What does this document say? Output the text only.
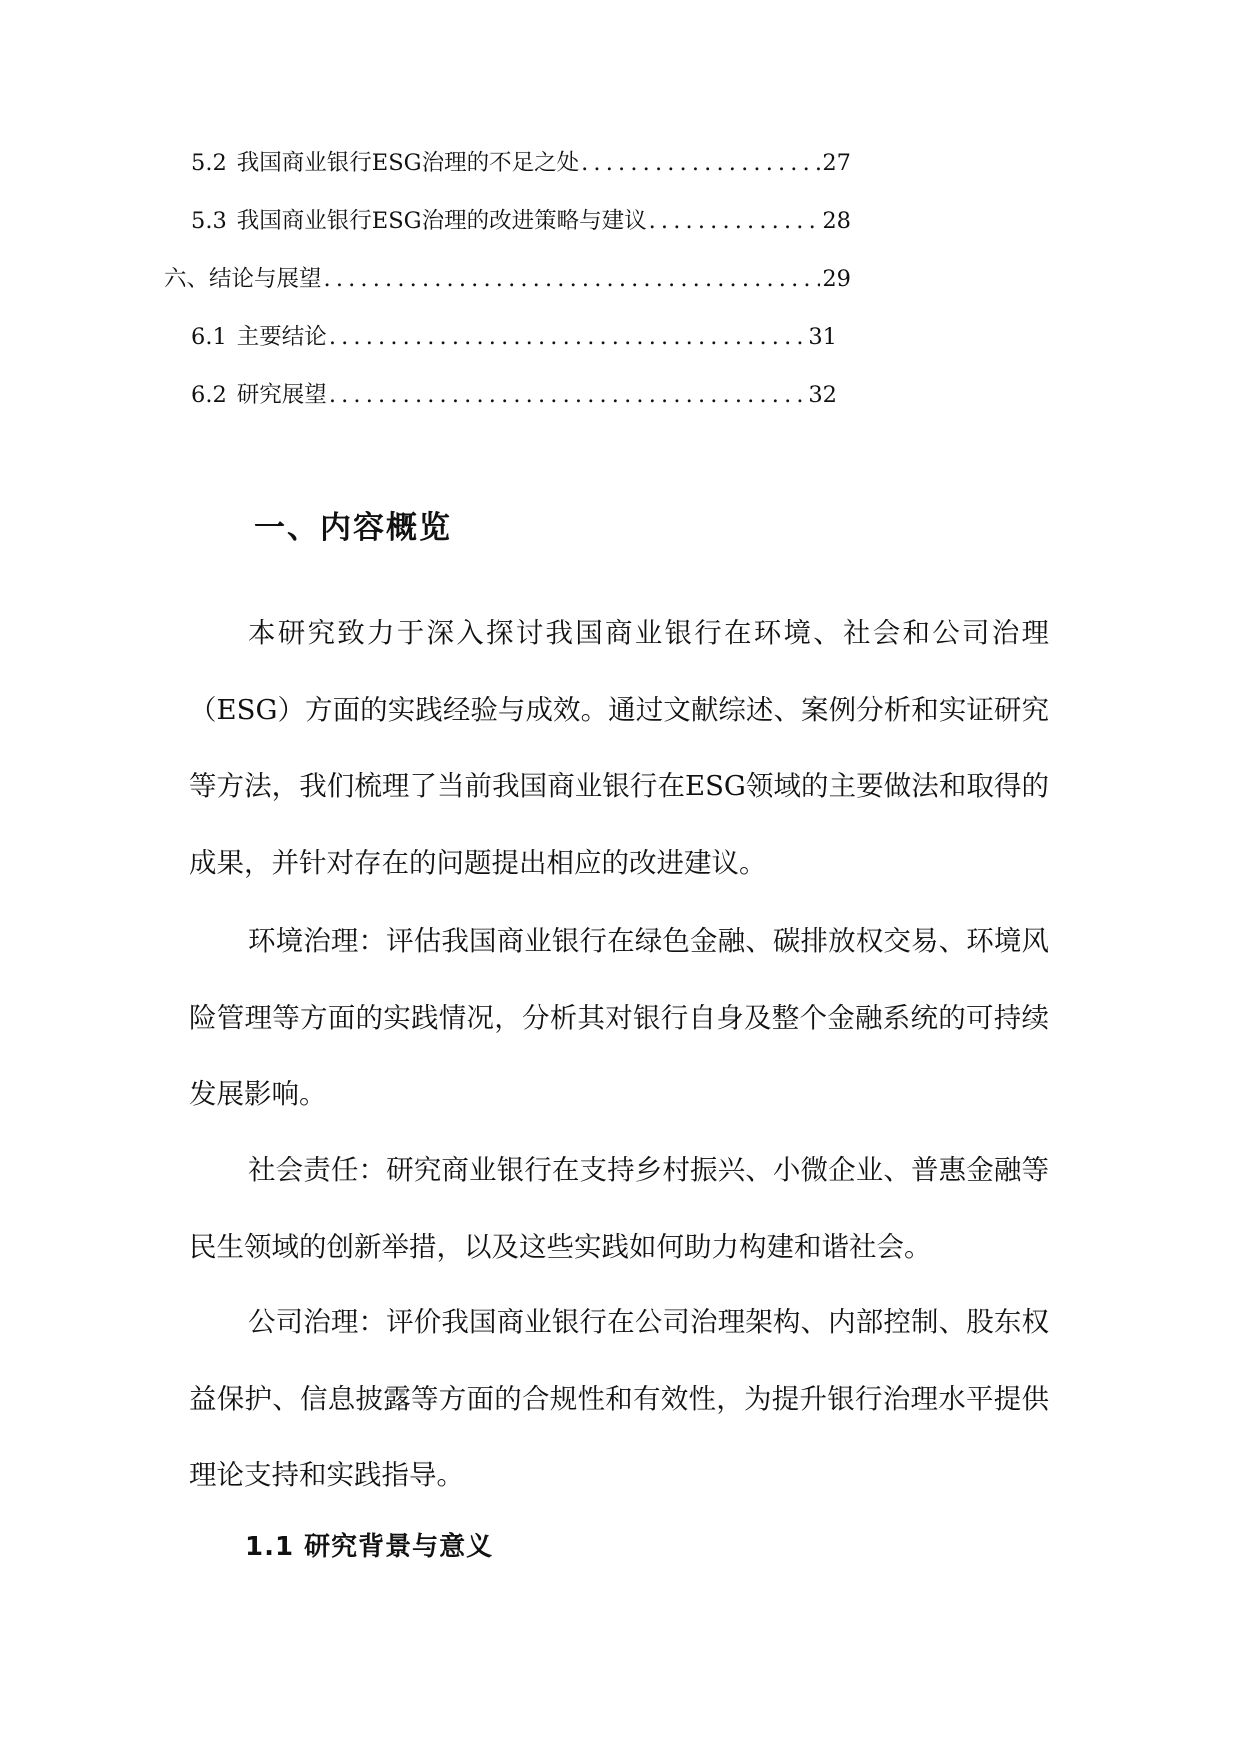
5.2 我国商业银行ESG治理的不足之处 . . .	27
5.3 我国商业银行ESG治理的改进策略与建议 . . .	28
六、结论与展望 . . .	29
6.1 主要结论 . . .	31
6.2 研究展望 . . .	32
一、内容概览

本研究致力于深入探讨我国商业银行在环境、社会和公司治理（ESG）方面的实践经验与成效。通过文献综述、案例分析和实证研究等方法，我们梳理了当前我国商业银行在ESG领域的主要做法和取得的成果，并针对存在的问题提出相应的改进建议。

环境治理：评估我国商业银行在绿色金融、碳排放权交易、环境风险管理等方面的实践情况，分析其对银行自身及整个金融系统的可持续发展影响。

社会责任：研究商业银行在支持乡村振兴、小微企业、普惠金融等民生领域的创新举措，以及这些实践如何助力构建和谐社会。

公司治理：评价我国商业银行在公司治理架构、内部控制、股东权益保护、信息披露等方面的合规性和有效性，为提升银行治理水平提供理论支持和实践指导。

1.1 研究背景与意义
